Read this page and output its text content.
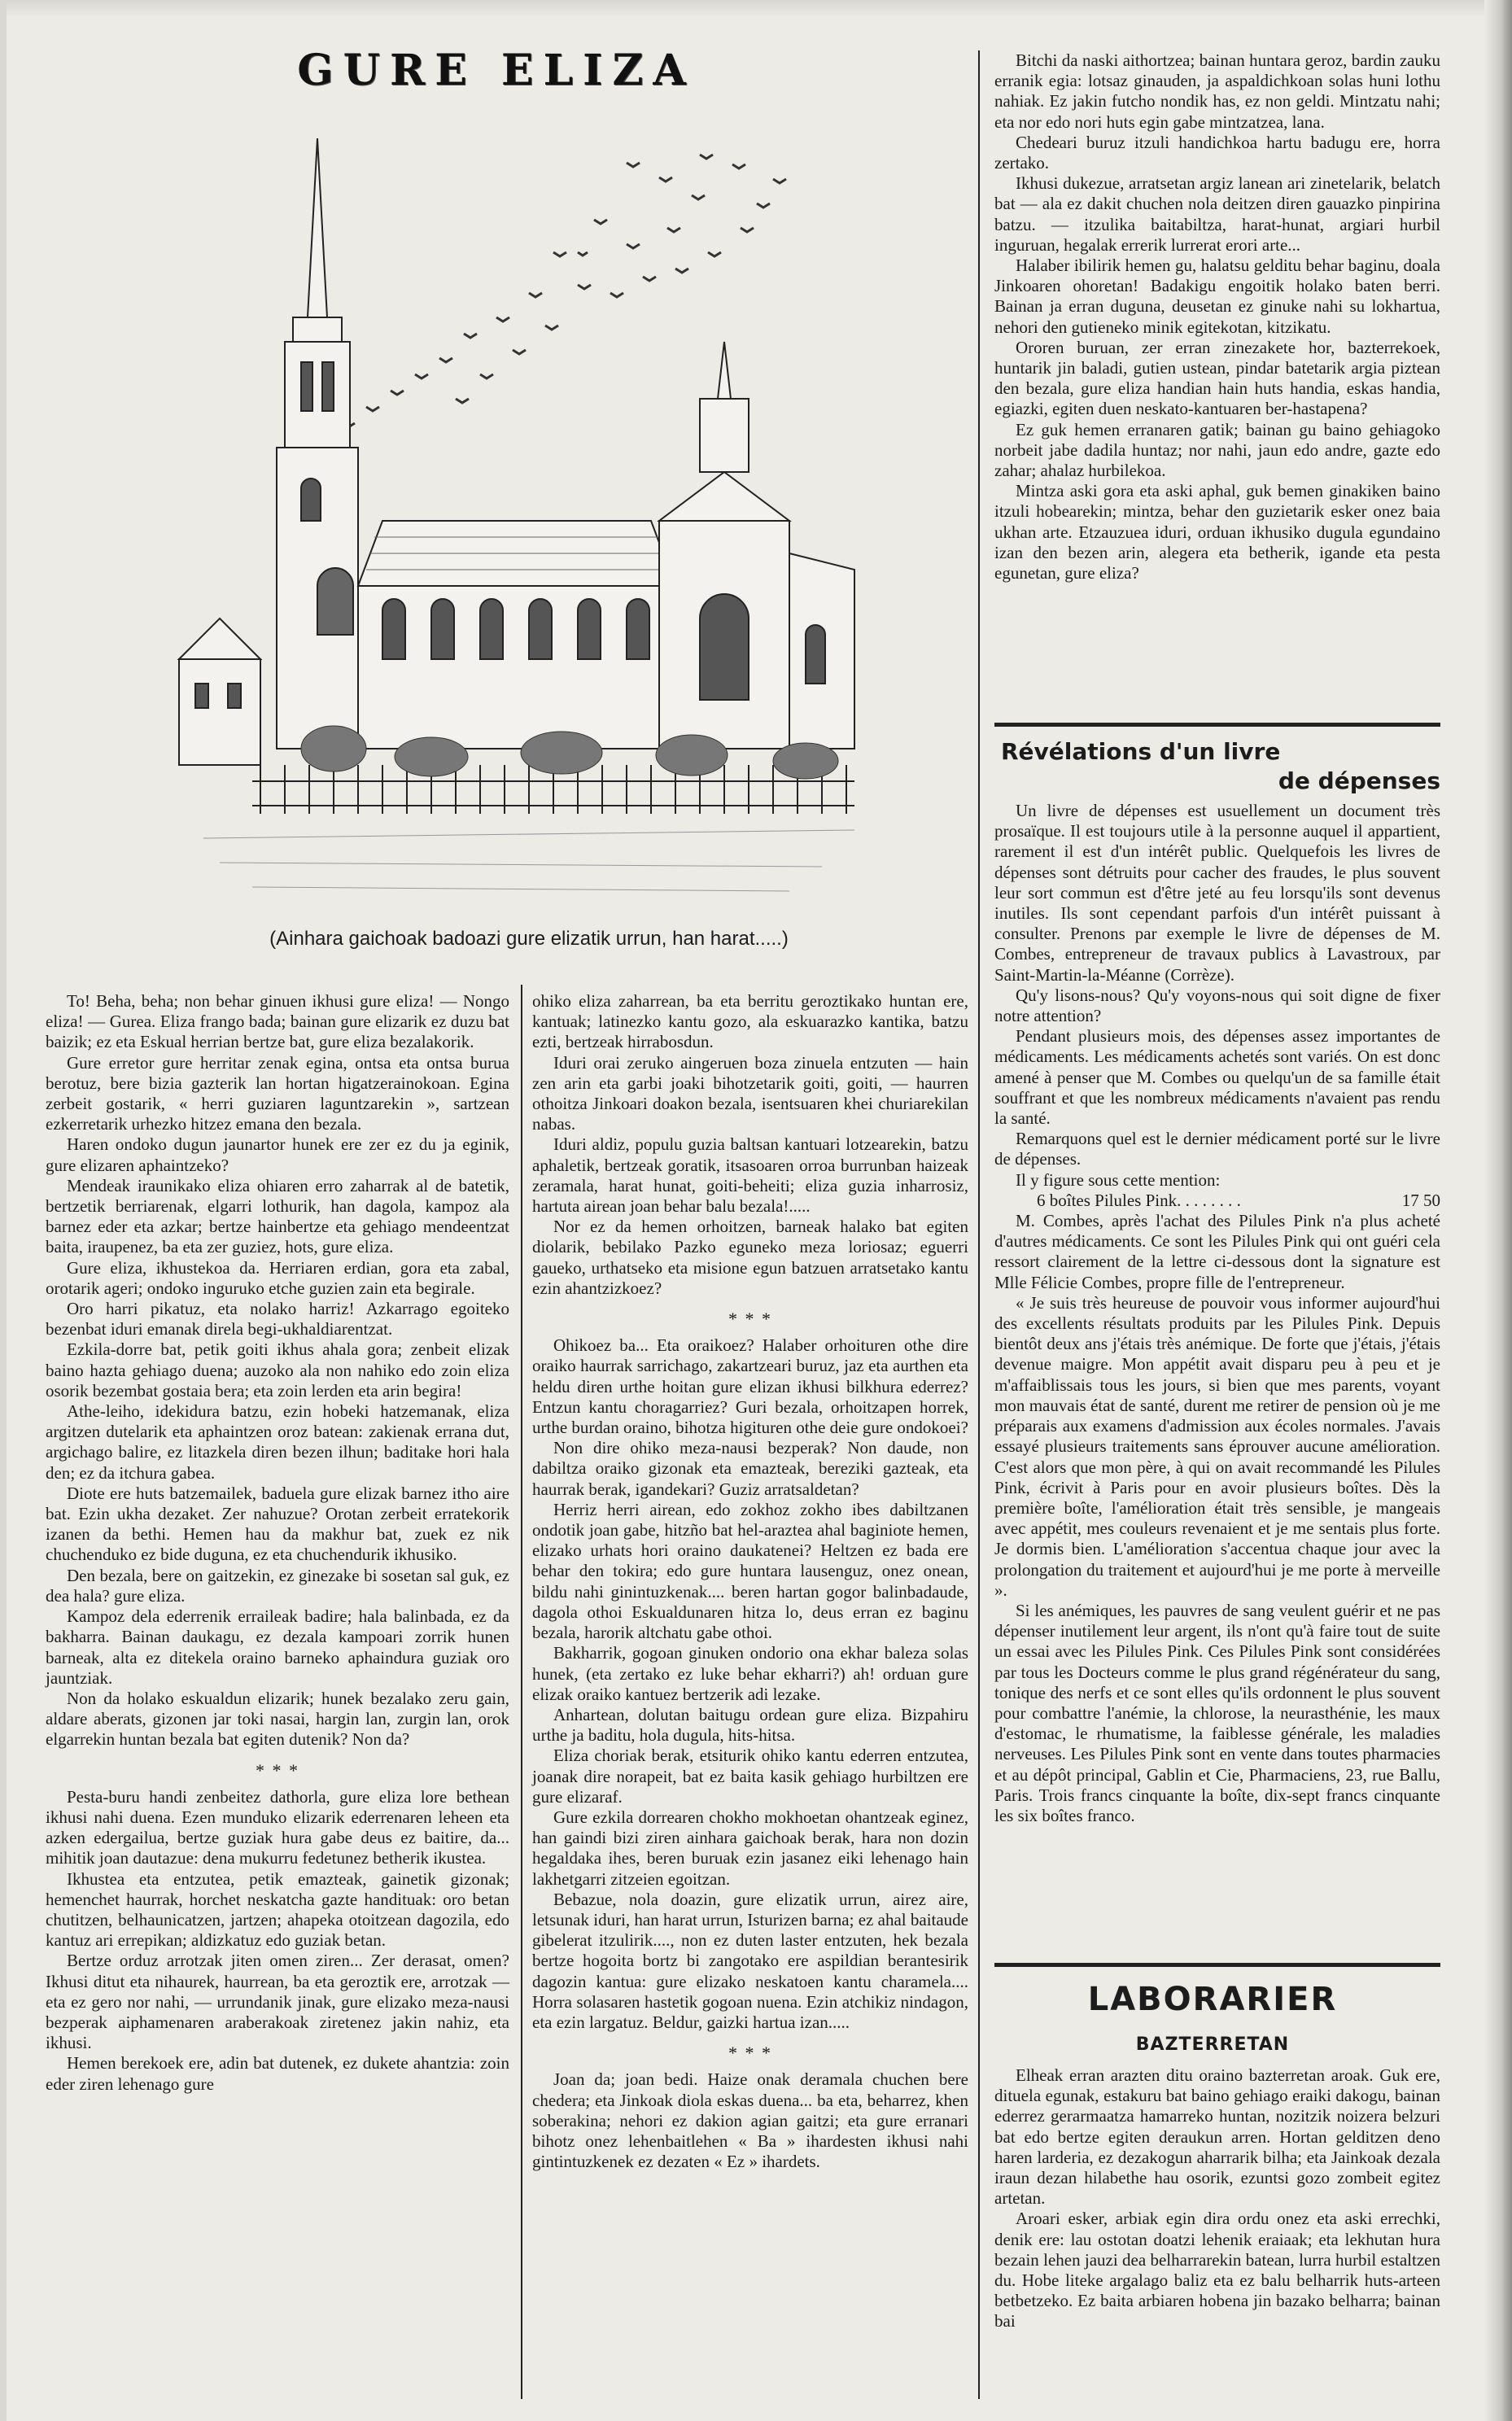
GURE ELIZA
(Ainhara gaichoak badoazi gure elizatik urrun, han harat.....)

To! Beha, beha; non behar ginuen ikhusi gure eliza! — Nongo eliza! — Gurea. Eliza frango bada; bainan gure elizarik ez duzu bat baizik; ez eta Eskual herrian bertze bat, gure eliza bezalakorik.

Gure erretor gure herritar zenak egina, ontsa eta ontsa burua berotuz, bere bizia gazterik lan hortan higatzerainokoan. Egina zerbeit gostarik, « herri guziaren laguntzarekin », sartzean ezkerretarik urhezko hitzez emana den bezala.

Haren ondoko dugun jaunartor hunek ere zer ez du ja eginik, gure elizaren aphaintzeko?

Mendeak iraunikako eliza ohiaren erro zaharrak al de batetik, bertzetik berriarenak, elgarri lothurik, han dagola, kampoz ala barnez eder eta azkar; bertze hainbertze eta gehiago mendeentzat baita, iraupenez, ba eta zer guziez, hots, gure eliza.

Gure eliza, ikhustekoa da. Herriaren erdian, gora eta zabal, orotarik ageri; ondoko inguruko etche guzien zain eta begirale.

Oro harri pikatuz, eta nolako harriz! Azkarrago egoiteko bezenbat iduri emanak direla begi-ukhaldiarentzat.

Ezkila-dorre bat, petik goiti ikhus ahala gora; zenbeit elizak baino hazta gehiago duena; auzoko ala non nahiko edo zoin eliza osorik bezembat gostaia bera; eta zoin lerden eta arin begira!

Athe-leiho, idekidura batzu, ezin hobeki hatzemanak, eliza argitzen dutelarik eta aphaintzen oroz batean: zakienak errana dut, argichago balire, ez litazkela diren bezen ilhun; baditake hori hala den; ez da itchura gabea.

Diote ere huts batzemailek, baduela gure elizak barnez itho aire bat. Ezin ukha dezaket. Zer nahuzue? Orotan zerbeit erratekorik izanen da bethi. Hemen hau da makhur bat, zuek ez nik chuchenduko ez bide duguna, ez eta chuchendurik ikhusiko.

Den bezala, bere on gaitzekin, ez ginezake bi sosetan sal guk, ez dea hala? gure eliza.

Kampoz dela ederrenik erraileak badire; hala balinbada, ez da bakharra. Bainan daukagu, ez dezala kampoari zorrik hunen barneak, alta ez ditekela oraino barneko aphaindura guziak oro jauntziak.

Non da holako eskualdun elizarik; hunek bezalako zeru gain, aldare aberats, gizonen jar toki nasai, hargin lan, zurgin lan, orok elgarrekin huntan bezala bat egiten dutenik? Non da?

* * *

Pesta-buru handi zenbeitez dathorla, gure eliza lore bethean ikhusi nahi duena. Ezen munduko elizarik ederrenaren leheen eta azken edergailua, bertze guziak hura gabe deus ez baitire, da... mihitik joan dautazue: dena mukurru fedetunez betherik ikustea.

Ikhustea eta entzutea, petik emazteak, gainetik gizonak; hemenchet haurrak, horchet neskatcha gazte handituak: oro betan chutitzen, belhaunicatzen, jartzen; ahapeka otoitzean dagozila, edo kantuz ari errepikan; aldizkatuz edo guziak betan.

Bertze orduz arrotzak jiten omen ziren... Zer derasat, omen? Ikhusi ditut eta nihaurek, haurrean, ba eta geroztik ere, arrotzak — eta ez gero nor nahi, — urrundanik jinak, gure elizako meza-nausi bezperak aiphamenaren araberakoak ziretenez jakin nahiz, eta ikhusi.

Hemen berekoek ere, adin bat dutenek, ez dukete ahantzia: zoin eder ziren lehenago gure

ohiko eliza zaharrean, ba eta berritu geroztikako huntan ere, kantuak; latinezko kantu gozo, ala eskuarazko kantika, batzu ezti, bertzeak hirrabosdun.

Iduri orai zeruko aingeruen boza zinuela entzuten — hain zen arin eta garbi joaki bihotzetarik goiti, goiti, — haurren othoitza Jinkoari doakon bezala, isentsuaren khei churiarekilan nabas.

Iduri aldiz, populu guzia baltsan kantuari lotzearekin, batzu aphaletik, bertzeak goratik, itsasoaren orroa burrunban haizeak zeramala, harat hunat, goiti-beheiti; eliza guzia inharrosiz, hartuta airean joan behar balu bezala!.....

Nor ez da hemen orhoitzen, barneak halako bat egiten diolarik, bebilako Pazko eguneko meza loriosaz; eguerri gaueko, urthatseko eta misione egun batzuen arratsetako kantu ezin ahantzizkoez?

* * *

Ohikoez ba... Eta oraikoez? Halaber orhoituren othe dire oraiko haurrak sarrichago, zakartzeari buruz, jaz eta aurthen eta heldu diren urthe hoitan gure elizan ikhusi bilkhura ederrez? Entzun kantu choragarriez? Guri bezala, orhoitzapen horrek, urthe burdan oraino, bihotza higituren othe deie gure ondokoei?

Non dire ohiko meza-nausi bezperak? Non daude, non dabiltza oraiko gizonak eta emazteak, bereziki gazteak, eta haurrak berak, igandekari? Guziz arratsaldetan?

Herriz herri airean, edo zokhoz zokho ibes dabiltzanen ondotik joan gabe, hitzño bat hel-araztea ahal baginiote hemen, elizako urhats hori oraino daukatenei? Heltzen ez bada ere behar den tokira; edo gure huntara lausenguz, onez onean, bildu nahi ginintuzkenak.... beren hartan gogor balinbadaude, dagola othoi Eskualdunaren hitza lo, deus erran ez baginu bezala, harorik altchatu gabe othoi.

Bakharrik, gogoan ginuken ondorio ona ekhar baleza solas hunek, (eta zertako ez luke behar ekharri?) ah! orduan gure elizak oraiko kantuez bertzerik adi lezake.

Anhartean, dolutan baitugu ordean gure eliza. Bizpahiru urthe ja baditu, hola dugula, hits-hitsa.

Eliza choriak berak, etsiturik ohiko kantu ederren entzutea, joanak dire norapeit, bat ez baita kasik gehiago hurbiltzen ere gure elizaraf.

Gure ezkila dorrearen chokho mokhoetan ohantzeak eginez, han gaindi bizi ziren ainhara gaichoak berak, hara non dozin hegaldaka ihes, beren buruak ezin jasanez eiki lehenago hain lakhetgarri zitzeien egoitzan.

Bebazue, nola doazin, gure elizatik urrun, airez aire, letsunak iduri, han harat urrun, Isturizen barna; ez ahal baitaude gibelerat itzulirik...., non ez duten laster entzuten, hek bezala bertze hogoita bortz bi zangotako ere aspildian berantesirik dagozin kantua: gure elizako neskatoen kantu charamela.... Horra solasaren hastetik gogoan nuena. Ezin atchikiz nindagon, eta ezin largatuz. Beldur, gaizki hartua izan.....

* * *

Joan da; joan bedi. Haize onak deramala chuchen bere chedera; eta Jinkoak diola eskas duena... ba eta, beharrez, khen soberakina; nehori ez dakion agian gaitzi; eta gure erranari bihotz onez lehenbaitlehen « Ba » ihardesten ikhusi nahi gintintuzkenek ez dezaten « Ez » ihardets.

Bitchi da naski aithortzea; bainan huntara geroz, bardin zauku erranik egia: lotsaz ginauden, ja aspaldichkoan solas huni lothu nahiak. Ez jakin futcho nondik has, ez non geldi. Mintzatu nahi; eta nor edo nori huts egin gabe mintzatzea, lana.

Chedeari buruz itzuli handichkoa hartu badugu ere, horra zertako.

Ikhusi dukezue, arratsetan argiz lanean ari zinetelarik, belatch bat — ala ez dakit chuchen nola deitzen diren gauazko pinpirina batzu. — itzulika baitabiltza, harat-hunat, argiari hurbil inguruan, hegalak errerik lurrerat erori arte...

Halaber ibilirik hemen gu, halatsu gelditu behar baginu, doala Jinkoaren ohoretan! Badakigu engoitik holako baten berri. Bainan ja erran duguna, deusetan ez ginuke nahi su lokhartua, nehori den gutieneko minik egitekotan, kitzikatu.

Ororen buruan, zer erran zinezakete hor, bazterrekoek, huntarik jin baladi, gutien ustean, pindar batetarik argia piztean den bezala, gure eliza handian hain huts handia, eskas handia, egiazki, egiten duen neskato-kantuaren ber-hastapena?

Ez guk hemen erranaren gatik; bainan gu baino gehiagoko norbeit jabe dadila huntaz; nor nahi, jaun edo andre, gazte edo zahar; ahalaz hurbilekoa.

Mintza aski gora eta aski aphal, guk bemen ginakiken baino itzuli hobearekin; mintza, behar den guzietarik esker onez baia ukhan arte. Etzauzuea iduri, orduan ikhusiko dugula egundaino izan den bezen arin, alegera eta betherik, igande eta pesta egunetan, gure eliza?

Révélations d'un livre
de dépenses

Un livre de dépenses est usuellement un document très prosaïque. Il est toujours utile à la personne auquel il appartient, rarement il est d'un intérêt public. Quelquefois les livres de dépenses sont détruits pour cacher des fraudes, le plus souvent leur sort commun est d'être jeté au feu lorsqu'ils sont devenus inutiles. Ils sont cependant parfois d'un intérêt puissant à consulter. Prenons par exemple le livre de dépenses de M. Combes, entrepreneur de travaux publics à Lavastroux, par Saint-Martin-la-Méanne (Corrèze).

Qu'y lisons-nous? Qu'y voyons-nous qui soit digne de fixer notre attention?

Pendant plusieurs mois, des dépenses assez importantes de médicaments. Les médicaments achetés sont variés. On est donc amené à penser que M. Combes ou quelqu'un de sa famille était souffrant et que les nombreux médicaments n'avaient pas rendu la santé.

Remarquons quel est le dernier médicament porté sur le livre de dépenses.

Il y figure sous cette mention:

6 boîtes Pilules Pink. . . . . . . .	17 50

M. Combes, après l'achat des Pilules Pink n'a plus acheté d'autres médicaments. Ce sont les Pilules Pink qui ont guéri cela ressort clairement de la lettre ci-dessous dont la signature est Mlle Félicie Combes, propre fille de l'entrepreneur.

« Je suis très heureuse de pouvoir vous informer aujourd'hui des excellents résultats produits par les Pilules Pink. Depuis bientôt deux ans j'étais très anémique. De forte que j'étais, j'étais devenue maigre. Mon appétit avait disparu peu à peu et je m'affaiblissais tous les jours, si bien que mes parents, voyant mon mauvais état de santé, durent me retirer de pension où je me préparais aux examens d'admission aux écoles normales. J'avais essayé plusieurs traitements sans éprouver aucune amélioration. C'est alors que mon père, à qui on avait recommandé les Pilules Pink, écrivit à Paris pour en avoir plusieurs boîtes. Dès la première boîte, l'amélioration était très sensible, je mangeais avec appétit, mes couleurs revenaient et je me sentais plus forte. Je dormis bien. L'amélioration s'accentua chaque jour avec la prolongation du traitement et aujourd'hui je me porte à merveille ».

Si les anémiques, les pauvres de sang veulent guérir et ne pas dépenser inutilement leur argent, ils n'ont qu'à faire tout de suite un essai avec les Pilules Pink. Ces Pilules Pink sont considérées par tous les Docteurs comme le plus grand régénérateur du sang, tonique des nerfs et ce sont elles qu'ils ordonnent le plus souvent pour combattre l'anémie, la chlorose, la neurasthénie, les maux d'estomac, le rhumatisme, la faiblesse générale, les maladies nerveuses. Les Pilules Pink sont en vente dans toutes pharmacies et au dépôt principal, Gablin et Cie, Pharmaciens, 23, rue Ballu, Paris. Trois francs cinquante la boîte, dix-sept francs cinquante les six boîtes franco.

LABORARIER
BAZTERRETAN

Elheak erran arazten ditu oraino bazterretan aroak. Guk ere, dituela egunak, estakuru bat baino gehiago eraiki dakogu, bainan ederrez gerarmaatza hamarreko huntan, nozitzik noizera belzuri bat edo bertze egiten deraukun arren. Hortan gelditzen deno haren larderia, ez dezakogun aharrarik bilha; eta Jainkoak dezala iraun dezan hilabethe hau osorik, ezuntsi gozo zombeit egitez artetan.

Aroari esker, arbiak egin dira ordu onez eta aski errechki, denik ere: lau ostotan doatzi lehenik eraiaak; eta lekhutan hura bezain lehen jauzi dea belharrarekin batean, lurra hurbil estaltzen du. Hobe liteke argalago baliz eta ez balu belharrik huts-arteen betbetzeko. Ez baita arbiaren hobena jin bazako belharra; bainan bai
